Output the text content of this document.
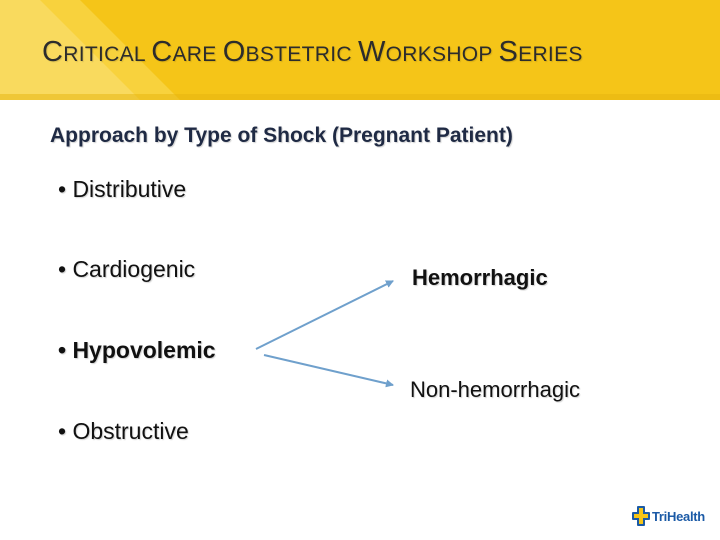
CRITICAL CARE OBSTETRIC WORKSHOP SERIES
Approach by Type of Shock (Pregnant Patient)
• Distributive
• Cardiogenic
• Hypovolemic
• Obstructive
Hemorrhagic
Non-hemorrhagic
TriHealth
